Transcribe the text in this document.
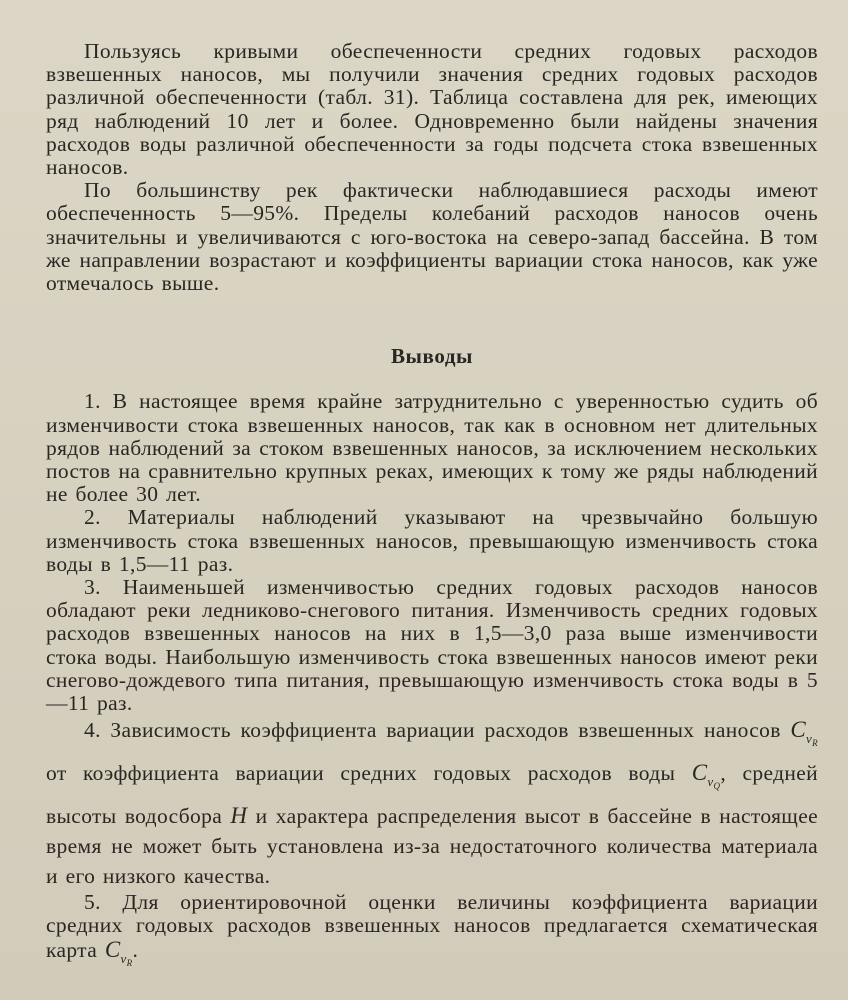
Пользуясь кривыми обеспеченности средних годовых расходов взвешенных наносов, мы получили значения средних годовых расходов различной обеспеченности (табл. 31). Таблица составлена для рек, имеющих ряд наблюдений 10 лет и более. Одновременно были найдены значения расходов воды различной обеспеченности за годы подсчета стока взвешенных наносов.

По большинству рек фактически наблюдавшиеся расходы имеют обеспеченность 5—95%. Пределы колебаний расходов наносов очень значительны и увеличиваются с юго-востока на северо-запад бассейна. В том же направлении возрастают и коэффициенты вариации стока наносов, как уже отмечалось выше.

Выводы

1. В настоящее время крайне затруднительно с уверенностью судить об изменчивости стока взвешенных наносов, так как в основном нет длительных рядов наблюдений за стоком взвешенных наносов, за исключением нескольких постов на сравнительно крупных реках, имеющих к тому же ряды наблюдений не более 30 лет.

2. Материалы наблюдений указывают на чрезвычайно большую изменчивость стока взвешенных наносов, превышающую изменчивость стока воды в 1,5—11 раз.

3. Наименьшей изменчивостью средних годовых расходов наносов обладают реки ледниково-снегового питания. Изменчивость средних годовых расходов взвешенных наносов на них в 1,5—3,0 раза выше изменчивости стока воды. Наибольшую изменчивость стока взвешенных наносов имеют реки снегово-дождевого типа питания, превышающую изменчивость стока воды в 5—11 раз.

4. Зависимость коэффициента вариации расходов взвешенных наносов $C_{v_R}$ от коэффициента вариации средних годовых расходов воды $C_{v_Q}$, средней высоты водосбора H и характера распределения высот в бассейне в настоящее время не может быть установлена из-за недостаточного количества материала и его низкого качества.

5. Для ориентировочной оценки величины коэффициента вариации средних годовых расходов взвешенных наносов предлагается схематическая карта $C_{v_R}$.
